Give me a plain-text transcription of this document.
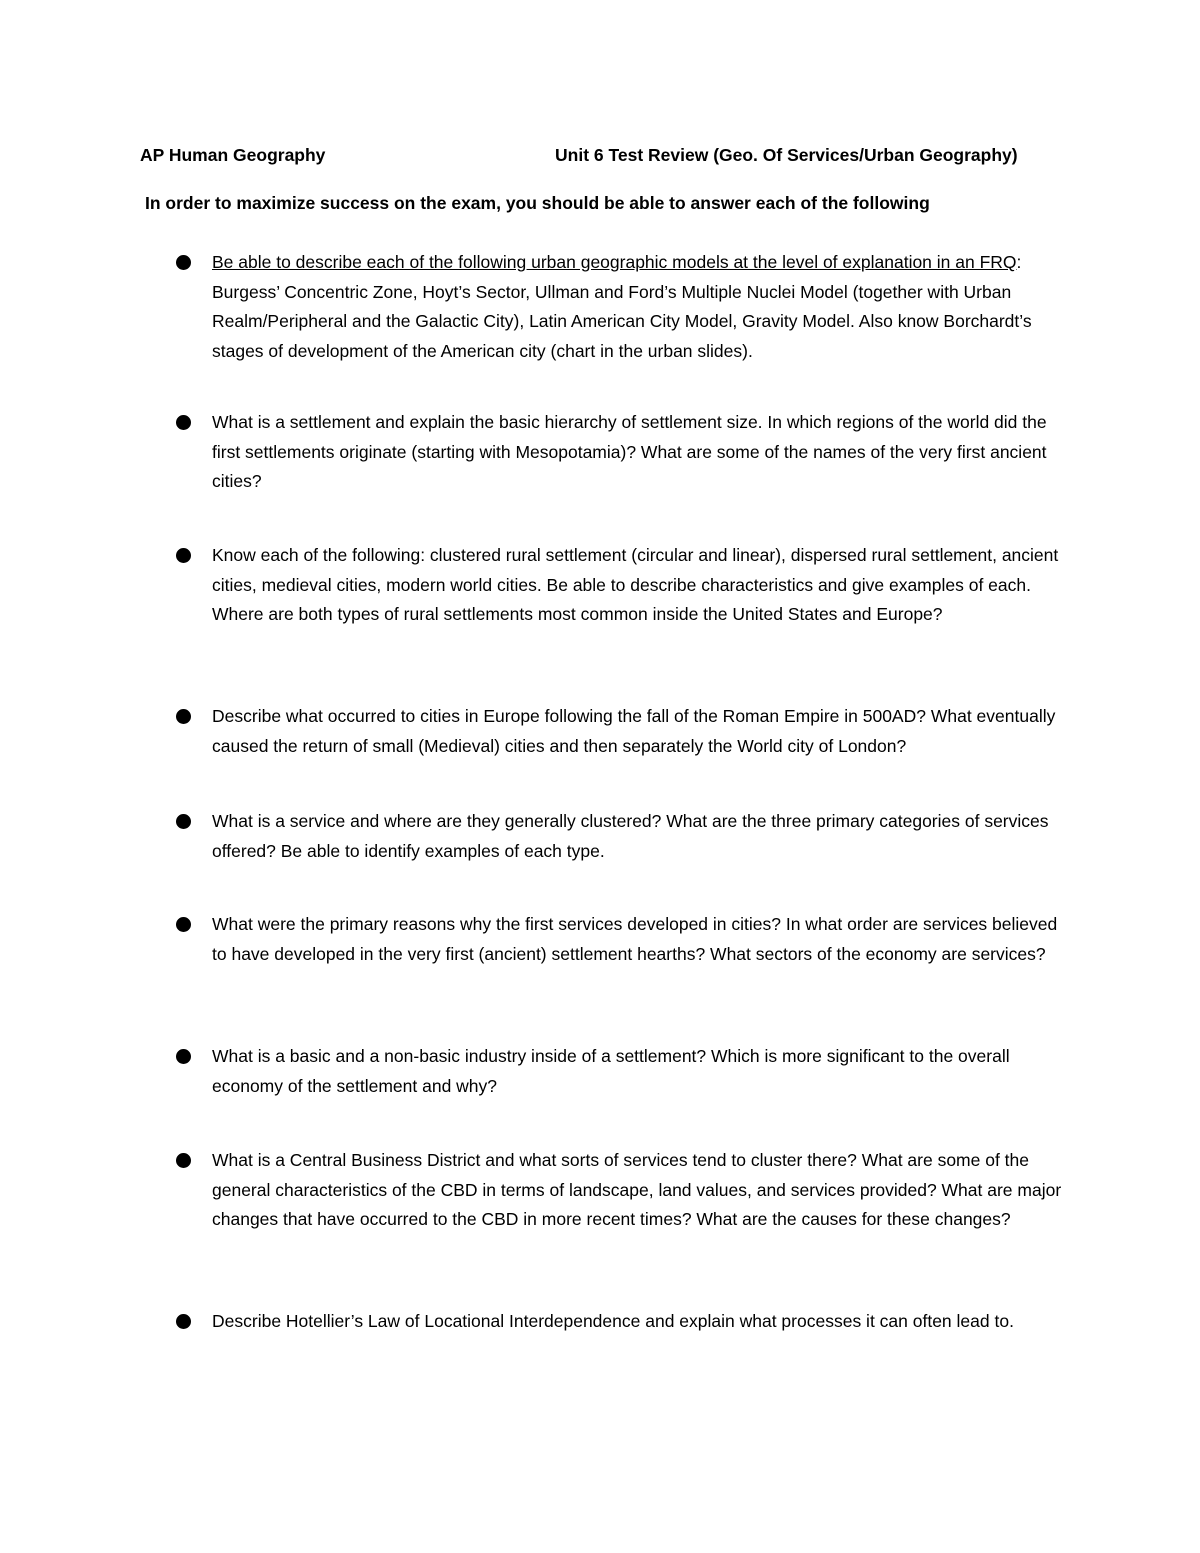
AP Human Geography	Unit 6 Test Review (Geo. Of Services/Urban Geography)
In order to maximize success on the exam, you should be able to answer each of the following
Be able to describe each of the following urban geographic models at the level of explanation in an FRQ: Burgess’ Concentric Zone, Hoyt’s Sector, Ullman and Ford’s Multiple Nuclei Model (together with Urban Realm/Peripheral and the Galactic City), Latin American City Model, Gravity Model. Also know Borchardt’s stages of development of the American city (chart in the urban slides).
What is a settlement and explain the basic hierarchy of settlement size. In which regions of the world did the first settlements originate (starting with Mesopotamia)? What are some of the names of the very first ancient cities?
Know each of the following: clustered rural settlement (circular and linear), dispersed rural settlement, ancient cities, medieval cities, modern world cities. Be able to describe characteristics and give examples of each. Where are both types of rural settlements most common inside the United States and Europe?
Describe what occurred to cities in Europe following the fall of the Roman Empire in 500AD? What eventually caused the return of small (Medieval) cities and then separately the World city of London?
What is a service and where are they generally clustered? What are the three primary categories of services offered? Be able to identify examples of each type.
What were the primary reasons why the first services developed in cities? In what order are services believed to have developed in the very first (ancient) settlement hearths? What sectors of the economy are services?
What is a basic and a non-basic industry inside of a settlement? Which is more significant to the overall economy of the settlement and why?
What is a Central Business District and what sorts of services tend to cluster there? What are some of the general characteristics of the CBD in terms of landscape, land values, and services provided? What are major changes that have occurred to the CBD in more recent times? What are the causes for these changes?
Describe Hotellier’s Law of Locational Interdependence and explain what processes it can often lead to.
